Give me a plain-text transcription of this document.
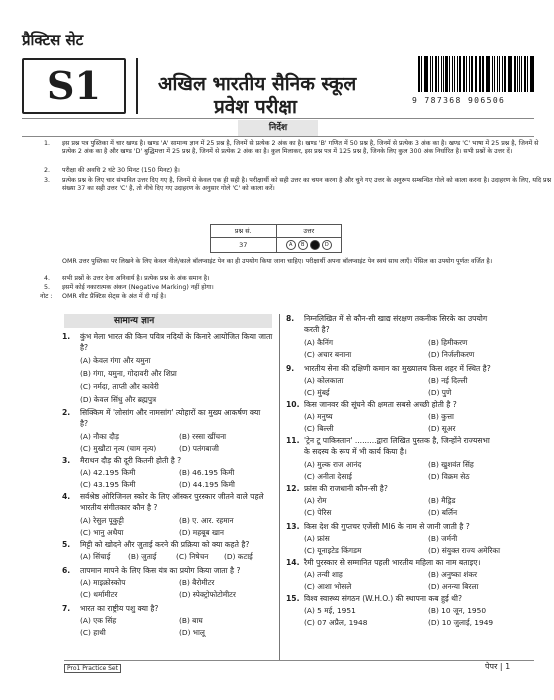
प्रैक्टिस सेट
S1	अखिल भारतीय सैनिक स्कूल
प्रवेश परीक्षा	9 787368 906506
निर्देश
1. इस प्रश्न पत्र पुस्तिका में चार खण्ड है। खण्ड 'A' सामान्य ज्ञान में 25 प्रश्न है, जिनमें से प्रत्येक 2 अंक का है। खण्ड 'B' गणित में 50 प्रश्न है, जिनमें से प्रत्येक 3 अंक का है। खण्ड 'C' भाषा में 25 प्रश्न है, जिनमें से प्रत्येक 2 अंक का है और खण्ड 'D' बुद्धिमत्ता में 25 प्रश्न है, जिनमें से प्रत्येक 2 अंक का है। कुल मिलाकर, इस प्रश्न पत्र में 125 प्रश्न है, जिनके लिए कुल 300 अंक निर्धारित है। सभी प्रश्नों के उत्तर दें।
2. परीक्षा की अवधि 2 घंटे 30 मिनट (150 मिनट) है।
3. प्रत्येक प्रश्न के लिए चार संभावित उत्तर दिए गए है, जिनमें से केवल एक ही सही है। परीक्षार्थी को सही उत्तर का चयन करना है और चुने गए उत्तर के अनुरूप सम्बन्धित गोले को काला करना है। उदाहरण के लिए, यदि प्रश्न संख्या 37 का सही उत्तर 'C' है, तो नीचे दिए गए उदाहरण के अनुसार गोले 'C' को काला करें।
OMR उत्तर पुस्तिका पर लिखने के लिए केवल नीले/काले बॉलप्वाइंट पेन का ही उपयोग किया जाना चाहिए। परीक्षार्थी अपना बॉलप्वाइंट पेन स्वयं साथ लाएँ। पेंसिल का उपयोग पूर्णतः वर्जित है।
4. सभी प्रश्नों के उत्तर देना अनिवार्य है। प्रत्येक प्रश्न के अंक समान है।
5. इसमें कोई नकारात्मक अंकन (Negative Marking) नहीं होगा।
नोट : OMR शीट प्रैक्टिस सेट्स के अंत में दी गई है।
प्रश्न सं.	उत्तर
37	A B C D
सामान्य ज्ञान
1. कुंभ मेला भारत की किन पवित्र नदियों के किनारे आयोजित किया जाता
है?
(A) केवल गंगा और यमुना
(B) गंगा, यमुना, गोदावरी और शिप्रा
(C) नर्मदा, ताप्ती और कावेरी
(D) केवल सिंधु और ब्रह्मपुत्र
2. सिक्किम में 'लोसांग और नामसांग' त्योहारों का मुख्य आकर्षण क्या
है?
(A) नौका दौड़	(B) रस्सा खींचना
(C) मुखौटा नृत्य (चाम नृत्य)	(D) पतंगबाजी
3. मैराथन दौड़ की दूरी कितनी होती है ?
(A) 42.195 किमी	(B) 46.195 किमी
(C) 43.195 किमी	(D) 44.195 किमी
4. सर्वश्रेष्ठ ओरिजिनल स्कोर के लिए ऑस्कर पुरस्कार जीतने वाले पहले
भारतीय संगीतकार कौन है ?
(A) रेसुल पूकुट्टी	(B) ए. आर. रहमान
(C) भानु अथैया	(D) महबूब खान
5. मिट्टी को खोदने और जुताई करने की प्रक्रिया को क्या कहते है?
(A) सिंचाई (B) जुताई	(C) निषेचन (D) कटाई
6. तापमान मापने के लिए किस यंत्र का प्रयोग किया जाता है ?
(A) माइक्रोस्कोप	(B) बैरोमीटर
(C) थर्मामीटर	(D) स्पेक्ट्रोफोटोमीटर
7. भारत का राष्ट्रीय पशु क्या है?
(A) एक सिंह	(B) बाघ
(C) हाथी	(D) भालू
8. निम्नलिखित में से कौन-सी खाद्य संरक्षण तकनीक सिरके का उपयोग
करती है?
(A) कैनिंग	(B) हिमीकरण
(C) अचार बनाना	(D) निर्जलीकरण
9. भारतीय सेना की दक्षिणी कमान का मुख्यालय किस शहर में स्थित है?
(A) कोलकाता	(B) नई दिल्ली
(C) मुंबई	(D) पुणे
10. किस जानवर की सूंघने की क्षमता सबसे अच्छी होती है ?
(A) मनुष्य	(B) कुत्ता
(C) बिल्ली	(D) सूअर
11. 'ट्रेन टू पाकिस्तान' .........द्वारा लिखित पुस्तक है, जिन्होंने राज्यसभा
के सदस्य के रूप में भी कार्य किया है।
(A) मुल्क राज आनंद	(B) खुशवंत सिंह
(C) अनीता देसाई	(D) विक्रम सेठ
12. फ्रांस की राजधानी कौन-सी है?
(A) रोम	(B) मैड्रिड
(C) पेरिस	(D) बर्लिन
13. किस देश की गुप्तचर एजेंसी MI6 के नाम से जानी जाती है ?
(A) फ्रांस	(B) जर्मनी
(C) यूनाइटेड किंगडम	(D) संयुक्त राज्य अमेरिका
14. रैमी पुरस्कार से सम्मानित पहली भारतीय महिला का नाम बताइए।
(A) तन्वी शाह	(B) अनुष्का शंकर
(C) आशा भोसले	(D) अनन्या बिरला
15. विश्व स्वास्थ्य संगठन (W.H.O.) की स्थापना कब हुई थी?
(A) 5 मई, 1951	(B) 10 जून, 1950
(C) 07 अप्रैल, 1948	(D) 10 जुलाई, 1949
Pro1 Practice Set	पेपर | 1
